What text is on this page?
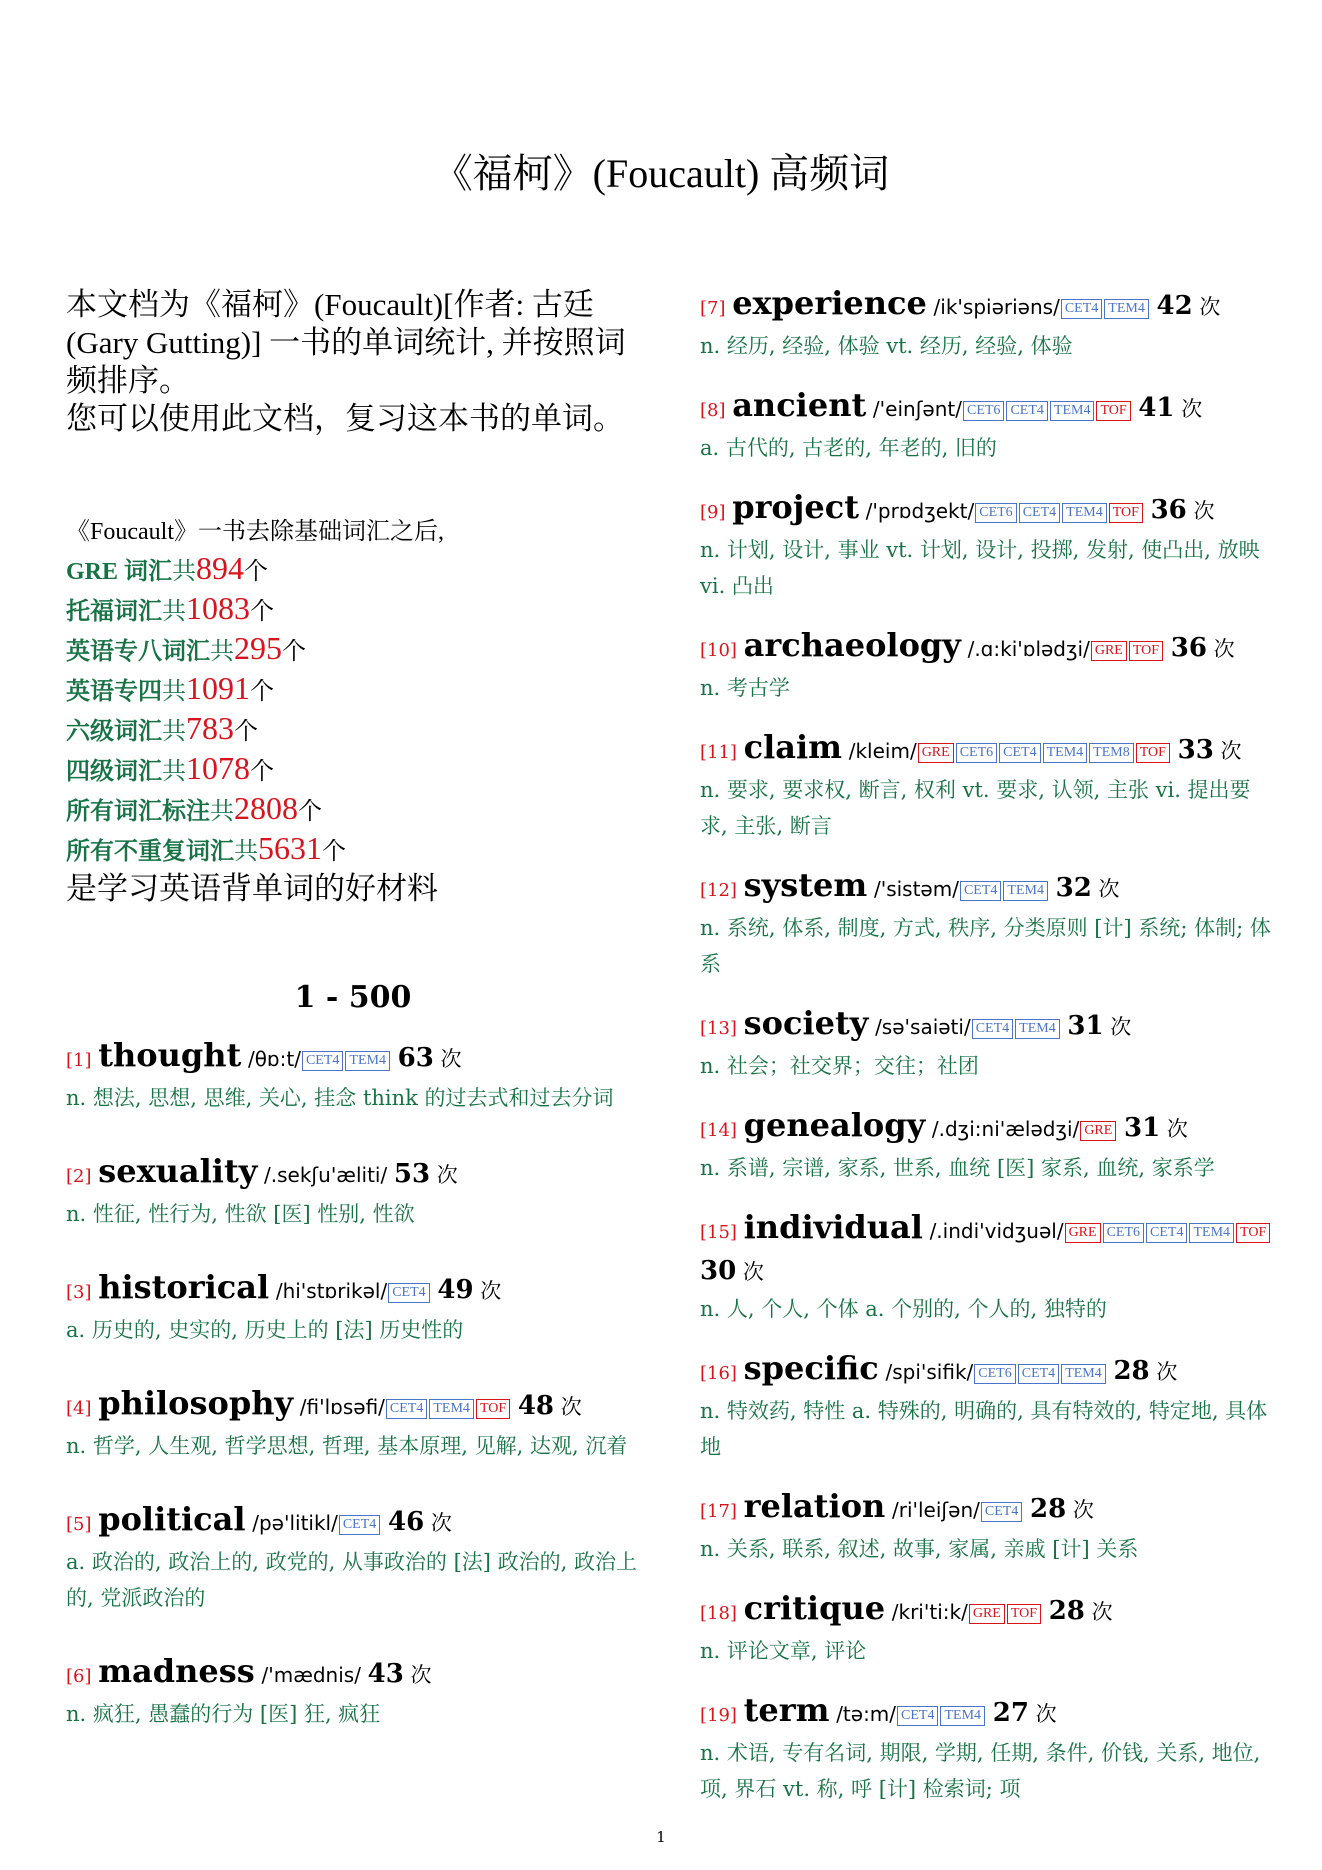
《福柯》(Foucault) 高频词
本文档为《福柯》(Foucault)[作者: 古廷 (Gary Gutting)] 一书的单词统计, 并按照词频排序。
您可以使用此文档，复习这本书的单词。
《Foucault》一书去除基础词汇之后,
GRE 词汇共894个
托福词汇共1083个
英语专八词汇共295个
英语专四共1091个
六级词汇共783个
四级词汇共1078个
所有词汇标注共2808个
所有不重复词汇共5631个
是学习英语背单词的好材料
1 - 500
[1] thought /θɒ:t/ CET4 TEM4 63 次
n. 想法, 思想, 思维, 关心, 挂念 think 的过去式和过去分词
[2] sexuality /.sekʃu'æliti/ 53 次
n. 性征, 性行为, 性欲 [医] 性别, 性欲
[3] historical /hi'stɒrikəl/ CET4 49 次
a. 历史的, 史实的, 历史上的 [法] 历史性的
[4] philosophy /fi'lɒsəfi/ CET4 TEM4 TOF 48 次
n. 哲学, 人生观, 哲学思想, 哲理, 基本原理, 见解, 达观, 沉着
[5] political /pə'litikl/ CET4 46 次
a. 政治的, 政治上的, 政党的, 从事政治的 [法] 政治的, 政治上的, 党派政治的
[6] madness /'mædnis/ 43 次
n. 疯狂, 愚蠢的行为 [医] 狂, 疯狂
[7] experience /ik'spiəriəns/ CET4 TEM4 42 次
n. 经历, 经验, 体验 vt. 经历, 经验, 体验
[8] ancient /'einʃənt/ CET6 CET4 TEM4 TOF 41 次
a. 古代的, 古老的, 年老的, 旧的
[9] project /'prɒdʒekt/ CET6 CET4 TEM4 TOF 36 次
n. 计划, 设计, 事业 vt. 计划, 设计, 投掷, 发射, 使凸出, 放映 vi. 凸出
[10] archaeology /.ɑ:ki'ɒlədʒi/ GRE TOF 36 次
n. 考古学
[11] claim /kleim/ GRE CET6 CET4 TEM4 TEM8 TOF 33 次
n. 要求, 要求权, 断言, 权利 vt. 要求, 认领, 主张 vi. 提出要求, 主张, 断言
[12] system /'sistəm/ CET4 TEM4 32 次
n. 系统, 体系, 制度, 方式, 秩序, 分类原则 [计] 系统; 体制; 体系
[13] society /sə'saiəti/ CET4 TEM4 31 次
n. 社会；社交界；交往；社团
[14] genealogy /.dʒi:ni'ælədʒi/ GRE 31 次
n. 系谱, 宗谱, 家系, 世系, 血统 [医] 家系, 血统, 家系学
[15] individual /.indi'vidʒuəl/ GRE CET6 CET4 TEM4 TOF 30 次
n. 人, 个人, 个体 a. 个别的, 个人的, 独特的
[16] specific /spi'sifik/ CET6 CET4 TEM4 28 次
n. 特效药, 特性 a. 特殊的, 明确的, 具有特效的, 特定地, 具体地
[17] relation /ri'leiʃən/ CET4 28 次
n. 关系, 联系, 叙述, 故事, 家属, 亲戚 [计] 关系
[18] critique /kri'ti:k/ GRE TOF 28 次
n. 评论文章, 评论
[19] term /tə:m/ CET4 TEM4 27 次
n. 术语, 专有名词, 期限, 学期, 任期, 条件, 价钱, 关系, 地位, 项, 界石 vt. 称, 呼 [计] 检索词; 项
1
